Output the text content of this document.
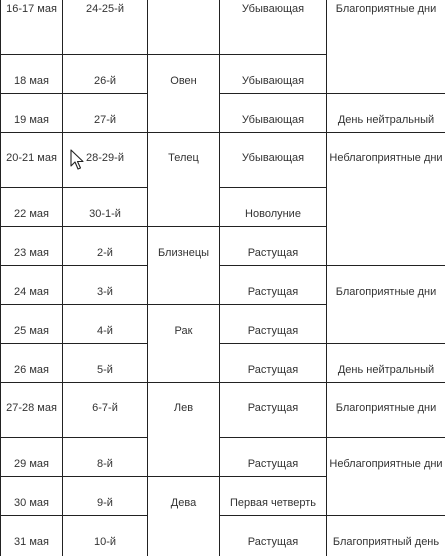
16-17 мая	24-25-й		Убывающая	Благоприятные дни
18 мая	26-й	Овен	Убывающая	
19 мая	27-й		Убывающая	День нейтральный
20-21 мая	28-29-й	Телец	Убывающая	Неблагоприятные дни
22 мая	30-1-й		Новолуние	
23 мая	2-й	Близнецы	Растущая	
24 мая	3-й		Растущая	Благоприятные дни
25 мая	4-й	Рак	Растущая	
26 мая	5-й		Растущая	День нейтральный
27-28 мая	6-7-й	Лев	Растущая	Благоприятные дни
29 мая	8-й		Растущая	Неблагоприятные дни
30 мая	9-й	Дева	Первая четверть	
31 мая	10-й		Растущая	Благоприятный день
